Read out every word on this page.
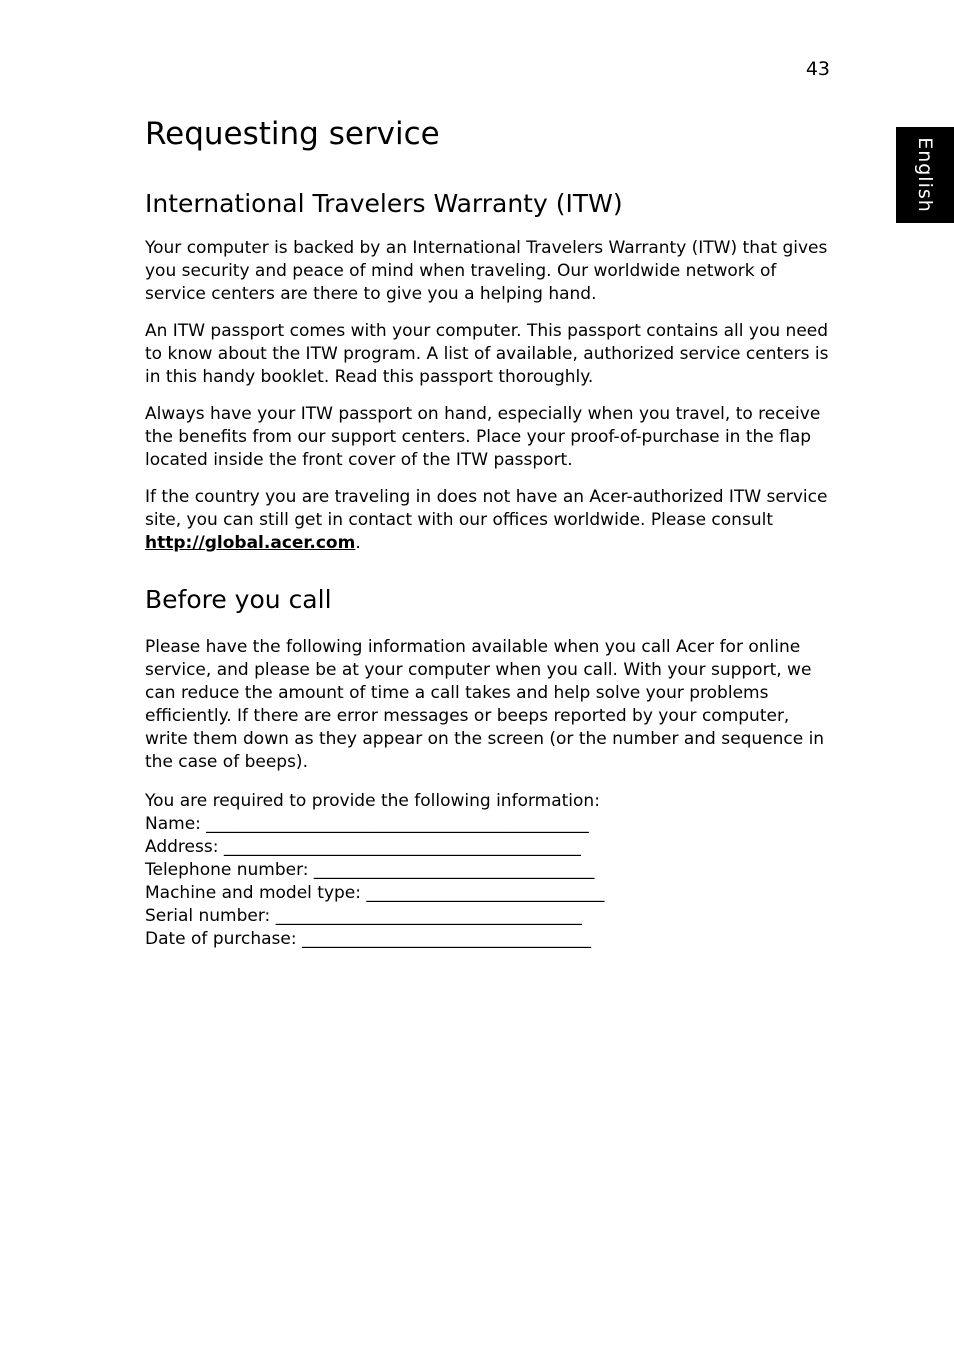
43
English
Requesting service
International Travelers Warranty (ITW)

Your computer is backed by an International Travelers Warranty (ITW) that gives you security and peace of mind when traveling. Our worldwide network of service centers are there to give you a helping hand.

An ITW passport comes with your computer. This passport contains all you need to know about the ITW program. A list of available, authorized service centers is in this handy booklet. Read this passport thoroughly.

Always have your ITW passport on hand, especially when you travel, to receive the benefits from our support centers. Place your proof-of-purchase in the flap located inside the front cover of the ITW passport.

If the country you are traveling in does not have an Acer-authorized ITW service site, you can still get in contact with our offices worldwide. Please consult http://global.acer.com.

Before you call

Please have the following information available when you call Acer for online service, and please be at your computer when you call. With your support, we can reduce the amount of time a call takes and help solve your problems efficiently. If there are error messages or beeps reported by your computer, write them down as they appear on the screen (or the number and sequence in the case of beeps).

You are required to provide the following information:
Name: _____________________________________________
Address: __________________________________________
Telephone number: _________________________________
Machine and model type: ____________________________
Serial number: ____________________________________
Date of purchase: __________________________________
